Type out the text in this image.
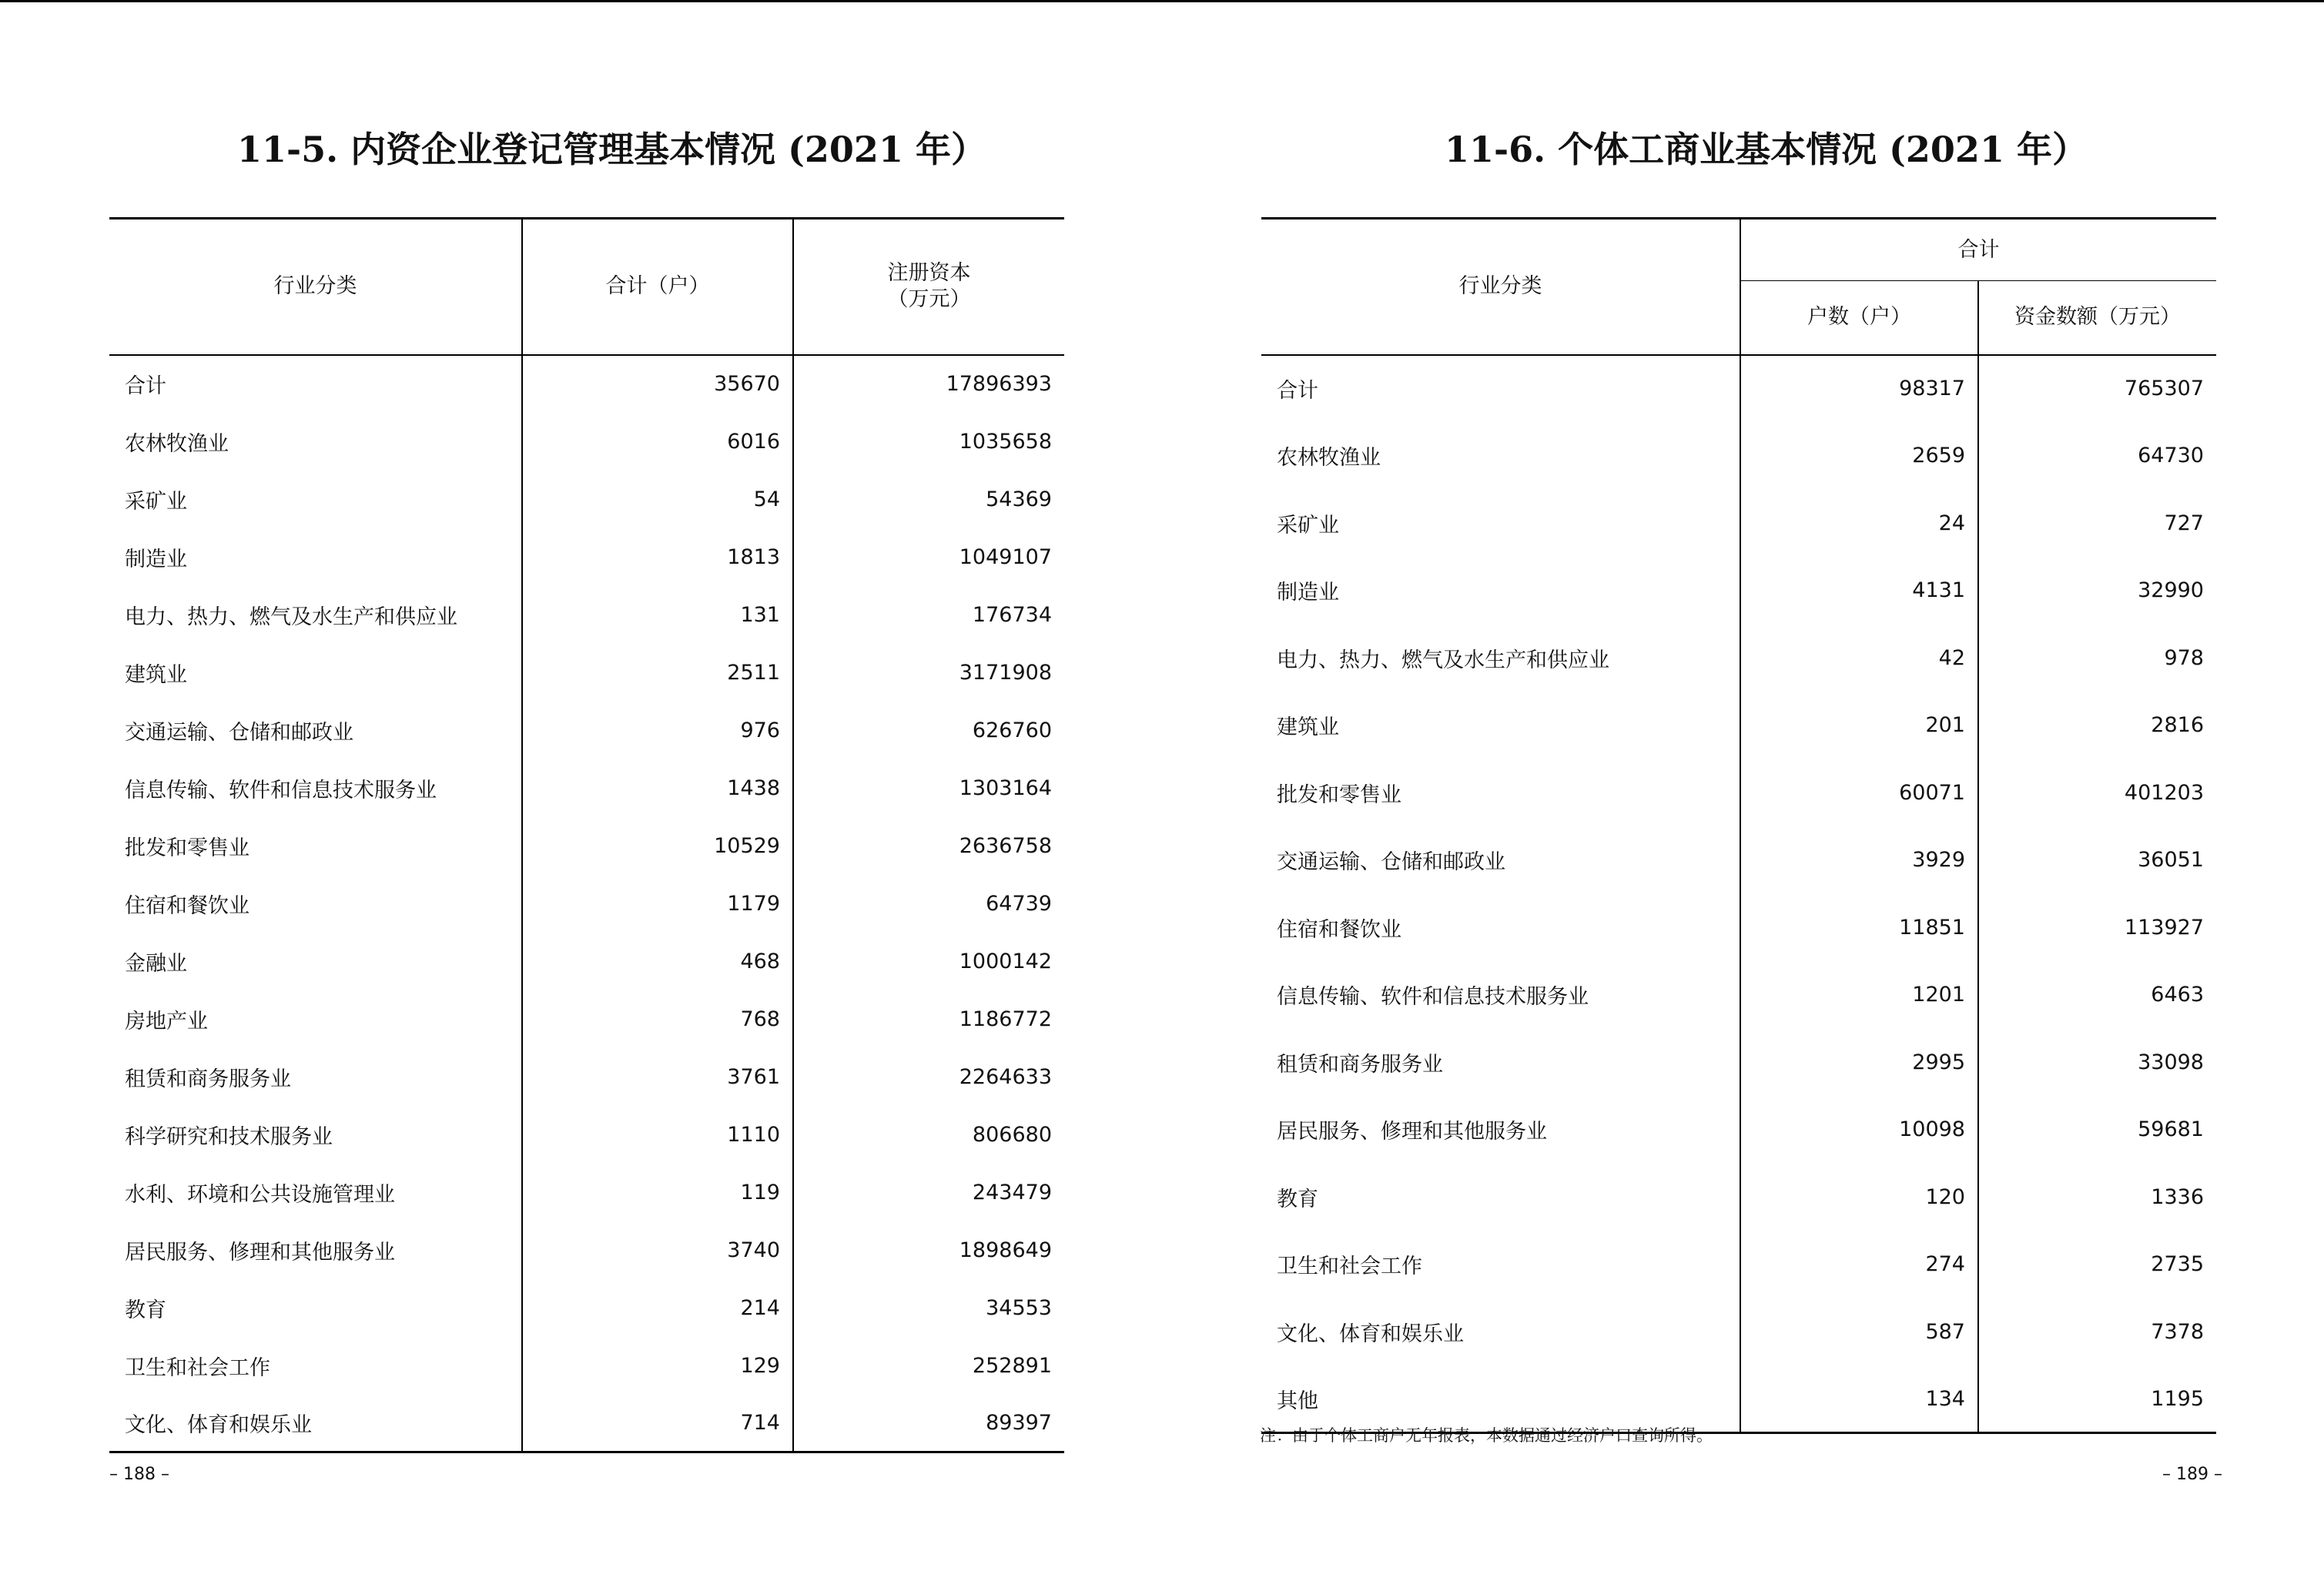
11-5. 内资企业登记管理基本情况 (2021 年）	11-6. 个体工商业基本情况 (2021 年）
行业分类	合计（户）	注册资本
（万元）

合计	35670	17896393
农林牧渔业	6016	1035658
采矿业	54	54369
制造业	1813	1049107
电力、热力、燃气及水生产和供应业	131	176734
建筑业	2511	3171908
交通运输、仓储和邮政业	976	626760
信息传输、软件和信息技术服务业	1438	1303164
批发和零售业	10529	2636758
住宿和餐饮业	1179	64739
金融业	468	1000142
房地产业	768	1186772
租赁和商务服务业	3761	2264633
科学研究和技术服务业	1110	806680
水利、环境和公共设施管理业	119	243479
居民服务、修理和其他服务业	3740	1898649
教育	214	34553
卫生和社会工作	129	252891
文化、体育和娱乐业	714	89397
行业分类	合计	
	户数（户）	资金数额（万元）
合计	98317	765307
农林牧渔业	2659	64730
采矿业	24	727
制造业	4131	32990
电力、热力、燃气及水生产和供应业	42	978
建筑业	201	2816
批发和零售业	60071	401203
交通运输、仓储和邮政业	3929	36051
住宿和餐饮业	11851	113927
信息传输、软件和信息技术服务业	1201	6463
租赁和商务服务业	2995	33098
居民服务、修理和其他服务业	10098	59681
教育	120	1336
卫生和社会工作	274	2735
文化、体育和娱乐业	587	7378
其他	134	1195
注：由于个体工商户无年报表，本数据通过经济户口查询所得。
– 188 –	– 189 –
